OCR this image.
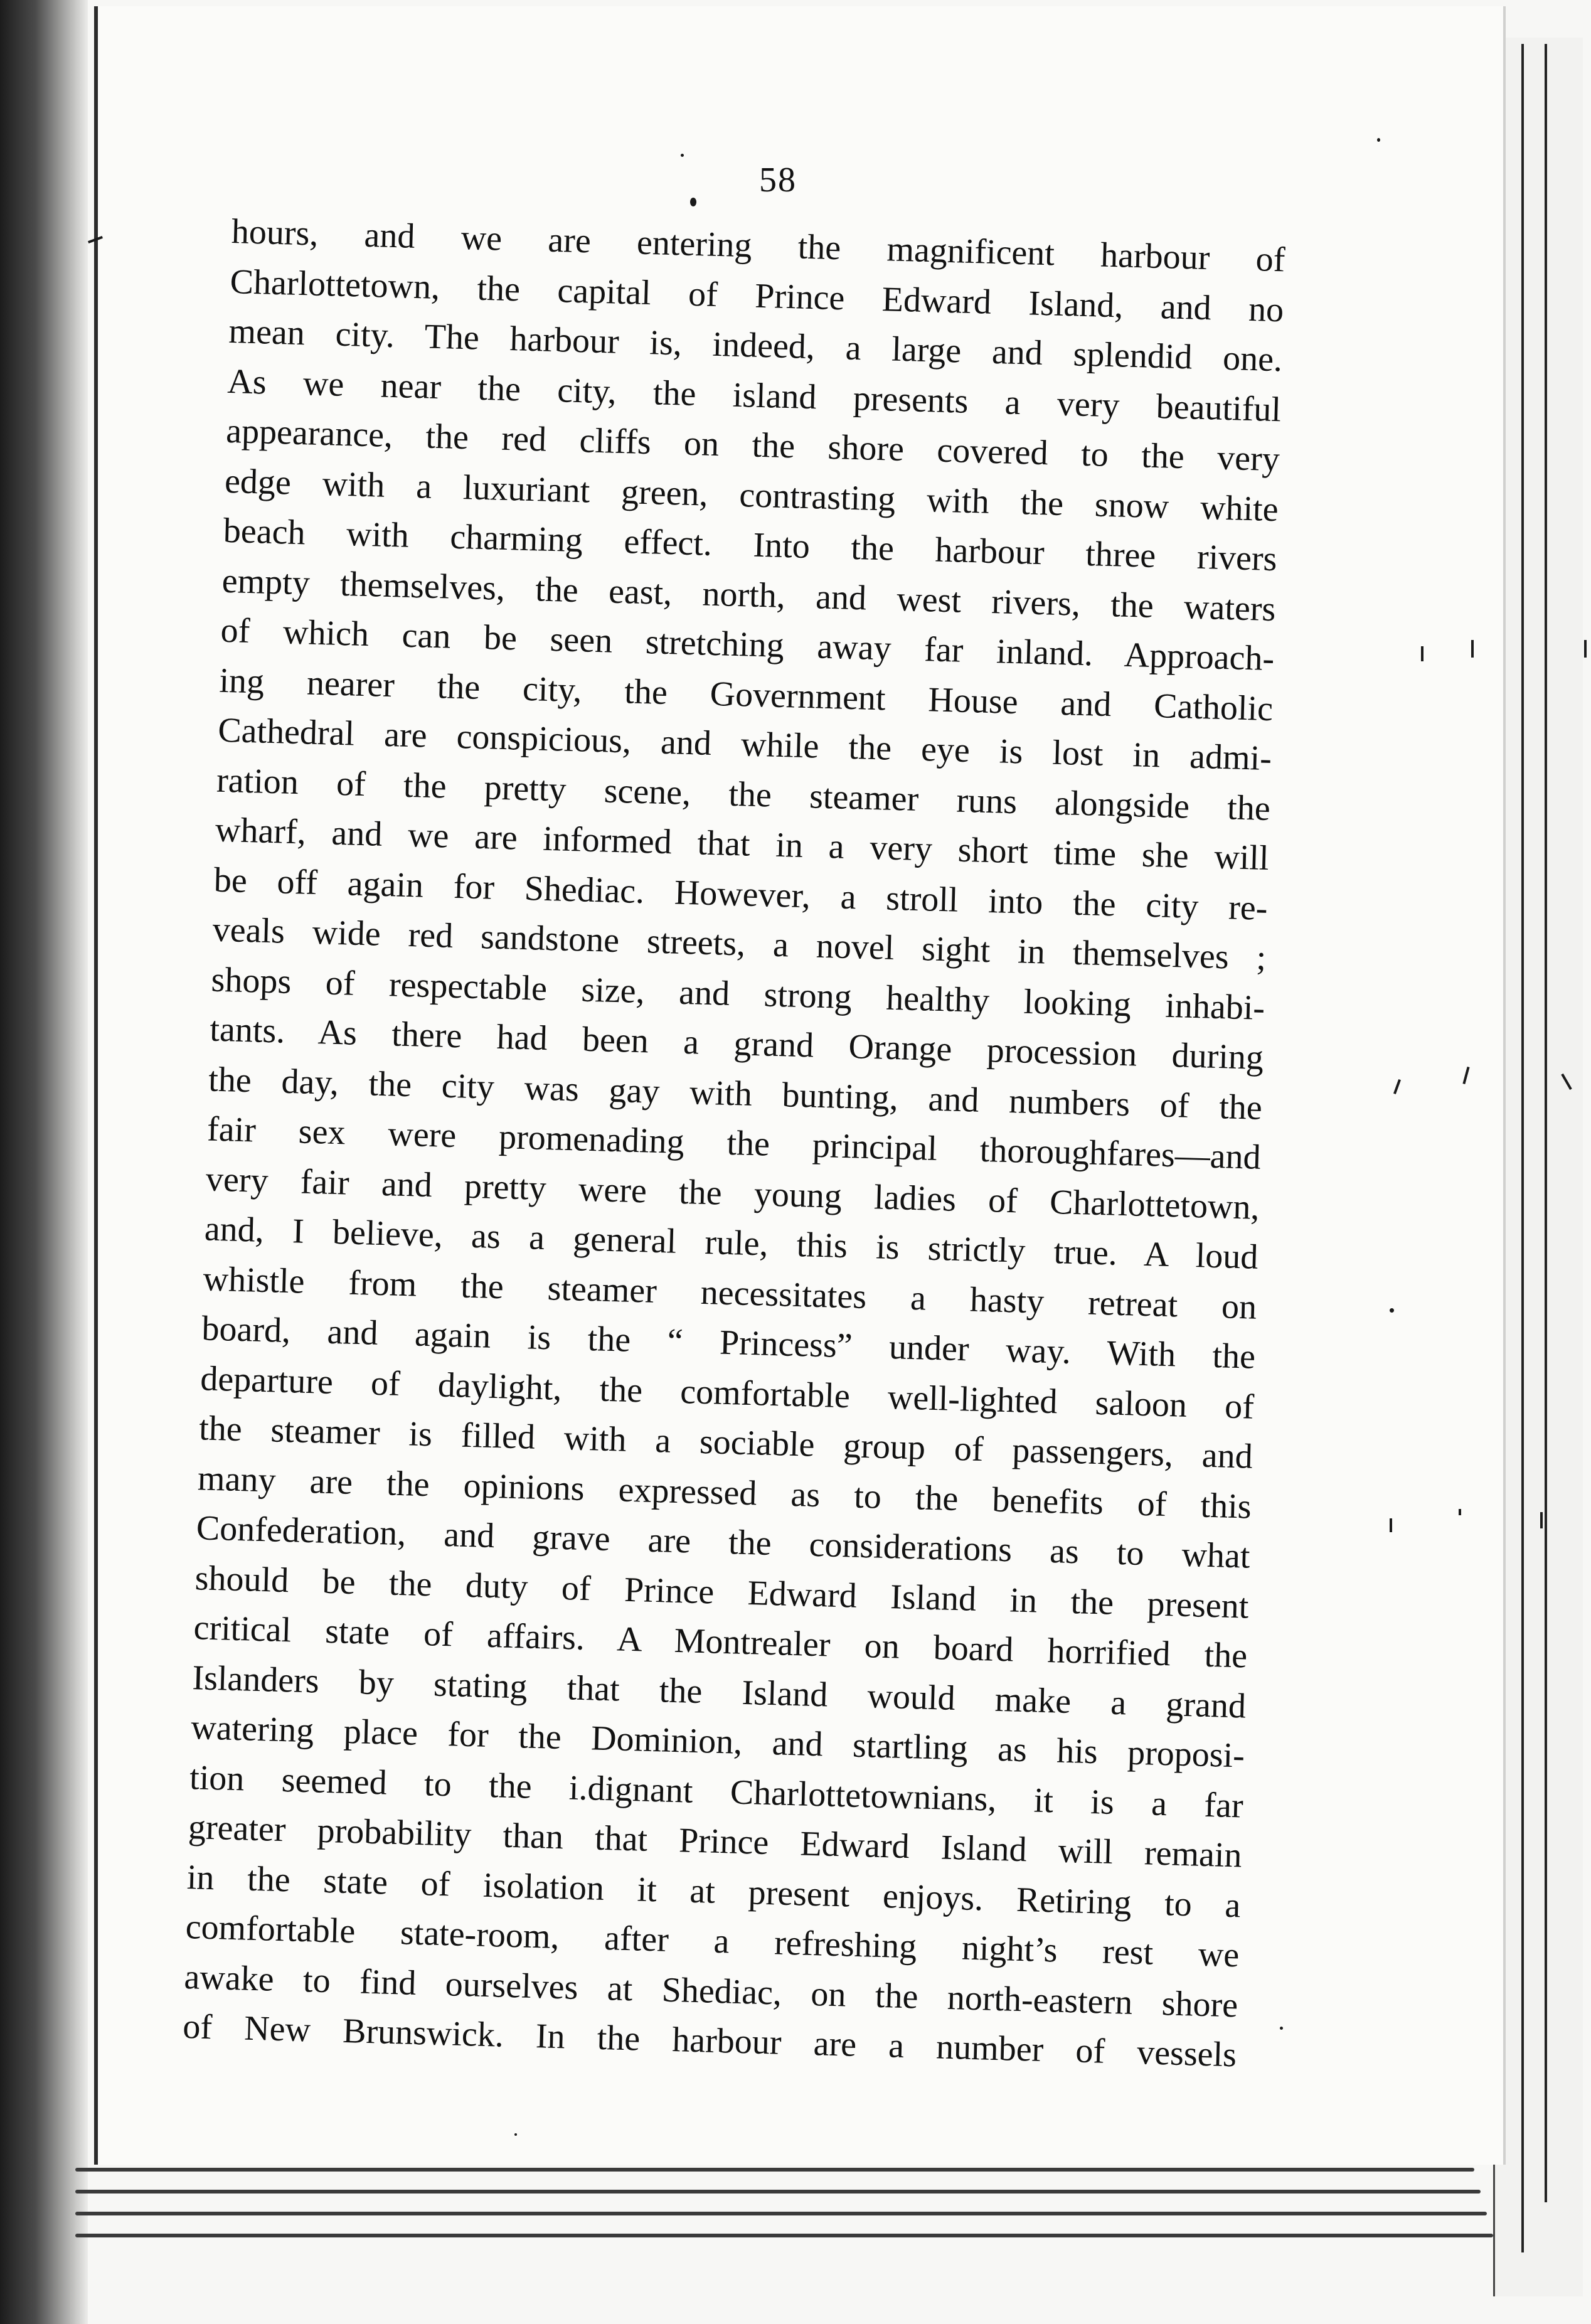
58
hours, and we are entering the magnificent harbour of
Charlottetown, the capital of Prince Edward Island, and no
mean city. The harbour is, indeed, a large and splendid one.
As we near the city, the island presents a very beautiful
appearance, the red cliffs on the shore covered to the very
edge with a luxuriant green, contrasting with the snow white
beach with charming effect. Into the harbour three rivers
empty themselves, the east, north, and west rivers, the waters
of which can be seen stretching away far inland. Approach-
ing nearer the city, the Government House and Catholic
Cathedral are conspicious, and while the eye is lost in admi-
ration of the pretty scene, the steamer runs alongside the
wharf, and we are informed that in a very short time she will
be off again for Shediac. However, a stroll into the city re-
veals wide red sandstone streets, a novel sight in themselves ;
shops of respectable size, and strong healthy looking inhabi-
tants. As there had been a grand Orange procession during
the day, the city was gay with bunting, and numbers of the
fair sex were promenading the principal thoroughfares—and
very fair and pretty were the young ladies of Charlottetown,
and, I believe, as a general rule, this is strictly true. A loud
whistle from the steamer necessitates a hasty retreat on
board, and again is the “ Princess” under way. With the
departure of daylight, the comfortable well-lighted saloon of
the steamer is filled with a sociable group of passengers, and
many are the opinions expressed as to the benefits of this
Confederation, and grave are the considerations as to what
should be the duty of Prince Edward Island in the present
critical state of affairs. A Montrealer on board horrified the
Islanders by stating that the Island would make a grand
watering place for the Dominion, and startling as his proposi-
tion seemed to the i.dignant Charlottetownians, it is a far
greater probability than that Prince Edward Island will remain
in the state of isolation it at present enjoys. Retiring to a
comfortable state-room, after a refreshing night’s rest we
awake to find ourselves at Shediac, on the north-eastern shore
of New Brunswick. In the harbour are a number of vessels
